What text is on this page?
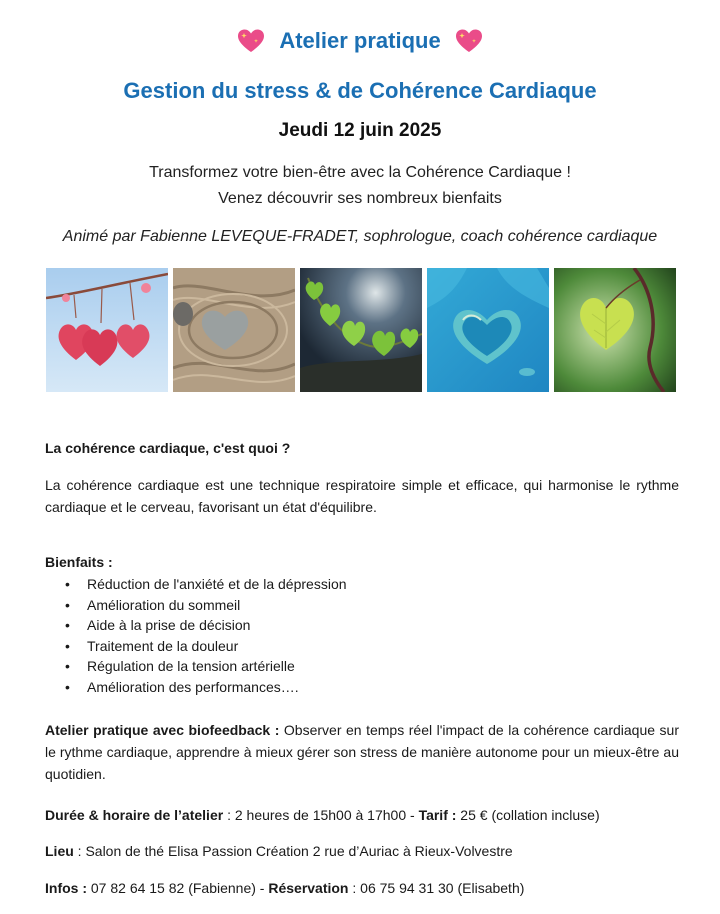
Atelier pratique
Gestion du stress & de Cohérence Cardiaque
Jeudi 12 juin 2025
Transformez votre bien-être avec la Cohérence Cardiaque !
Venez découvrir ses nombreux bienfaits
Animé par Fabienne LEVEQUE-FRADET, sophrologue, coach cohérence cardiaque
La cohérence cardiaque, c'est quoi ?
La cohérence cardiaque est une technique respiratoire simple et efficace, qui harmonise le rythme cardiaque et le cerveau, favorisant un état d'équilibre.
Bienfaits :
• Réduction de l'anxiété et de la dépression
• Amélioration du sommeil
• Aide à la prise de décision
• Traitement de la douleur
• Régulation de la tension artérielle
• Amélioration des performances….
Atelier pratique avec biofeedback : Observer en temps réel l'impact de la cohérence cardiaque sur le rythme cardiaque, apprendre à mieux gérer son stress de manière autonome pour un mieux-être au quotidien.
Durée & horaire de l’atelier : 2 heures de 15h00 à 17h00 - Tarif : 25 € (collation incluse)
Lieu : Salon de thé Elisa Passion Création 2 rue d’Auriac à Rieux-Volvestre
Infos : 07 82 64 15 82 (Fabienne) - Réservation : 06 75 94 31 30 (Elisabeth)
